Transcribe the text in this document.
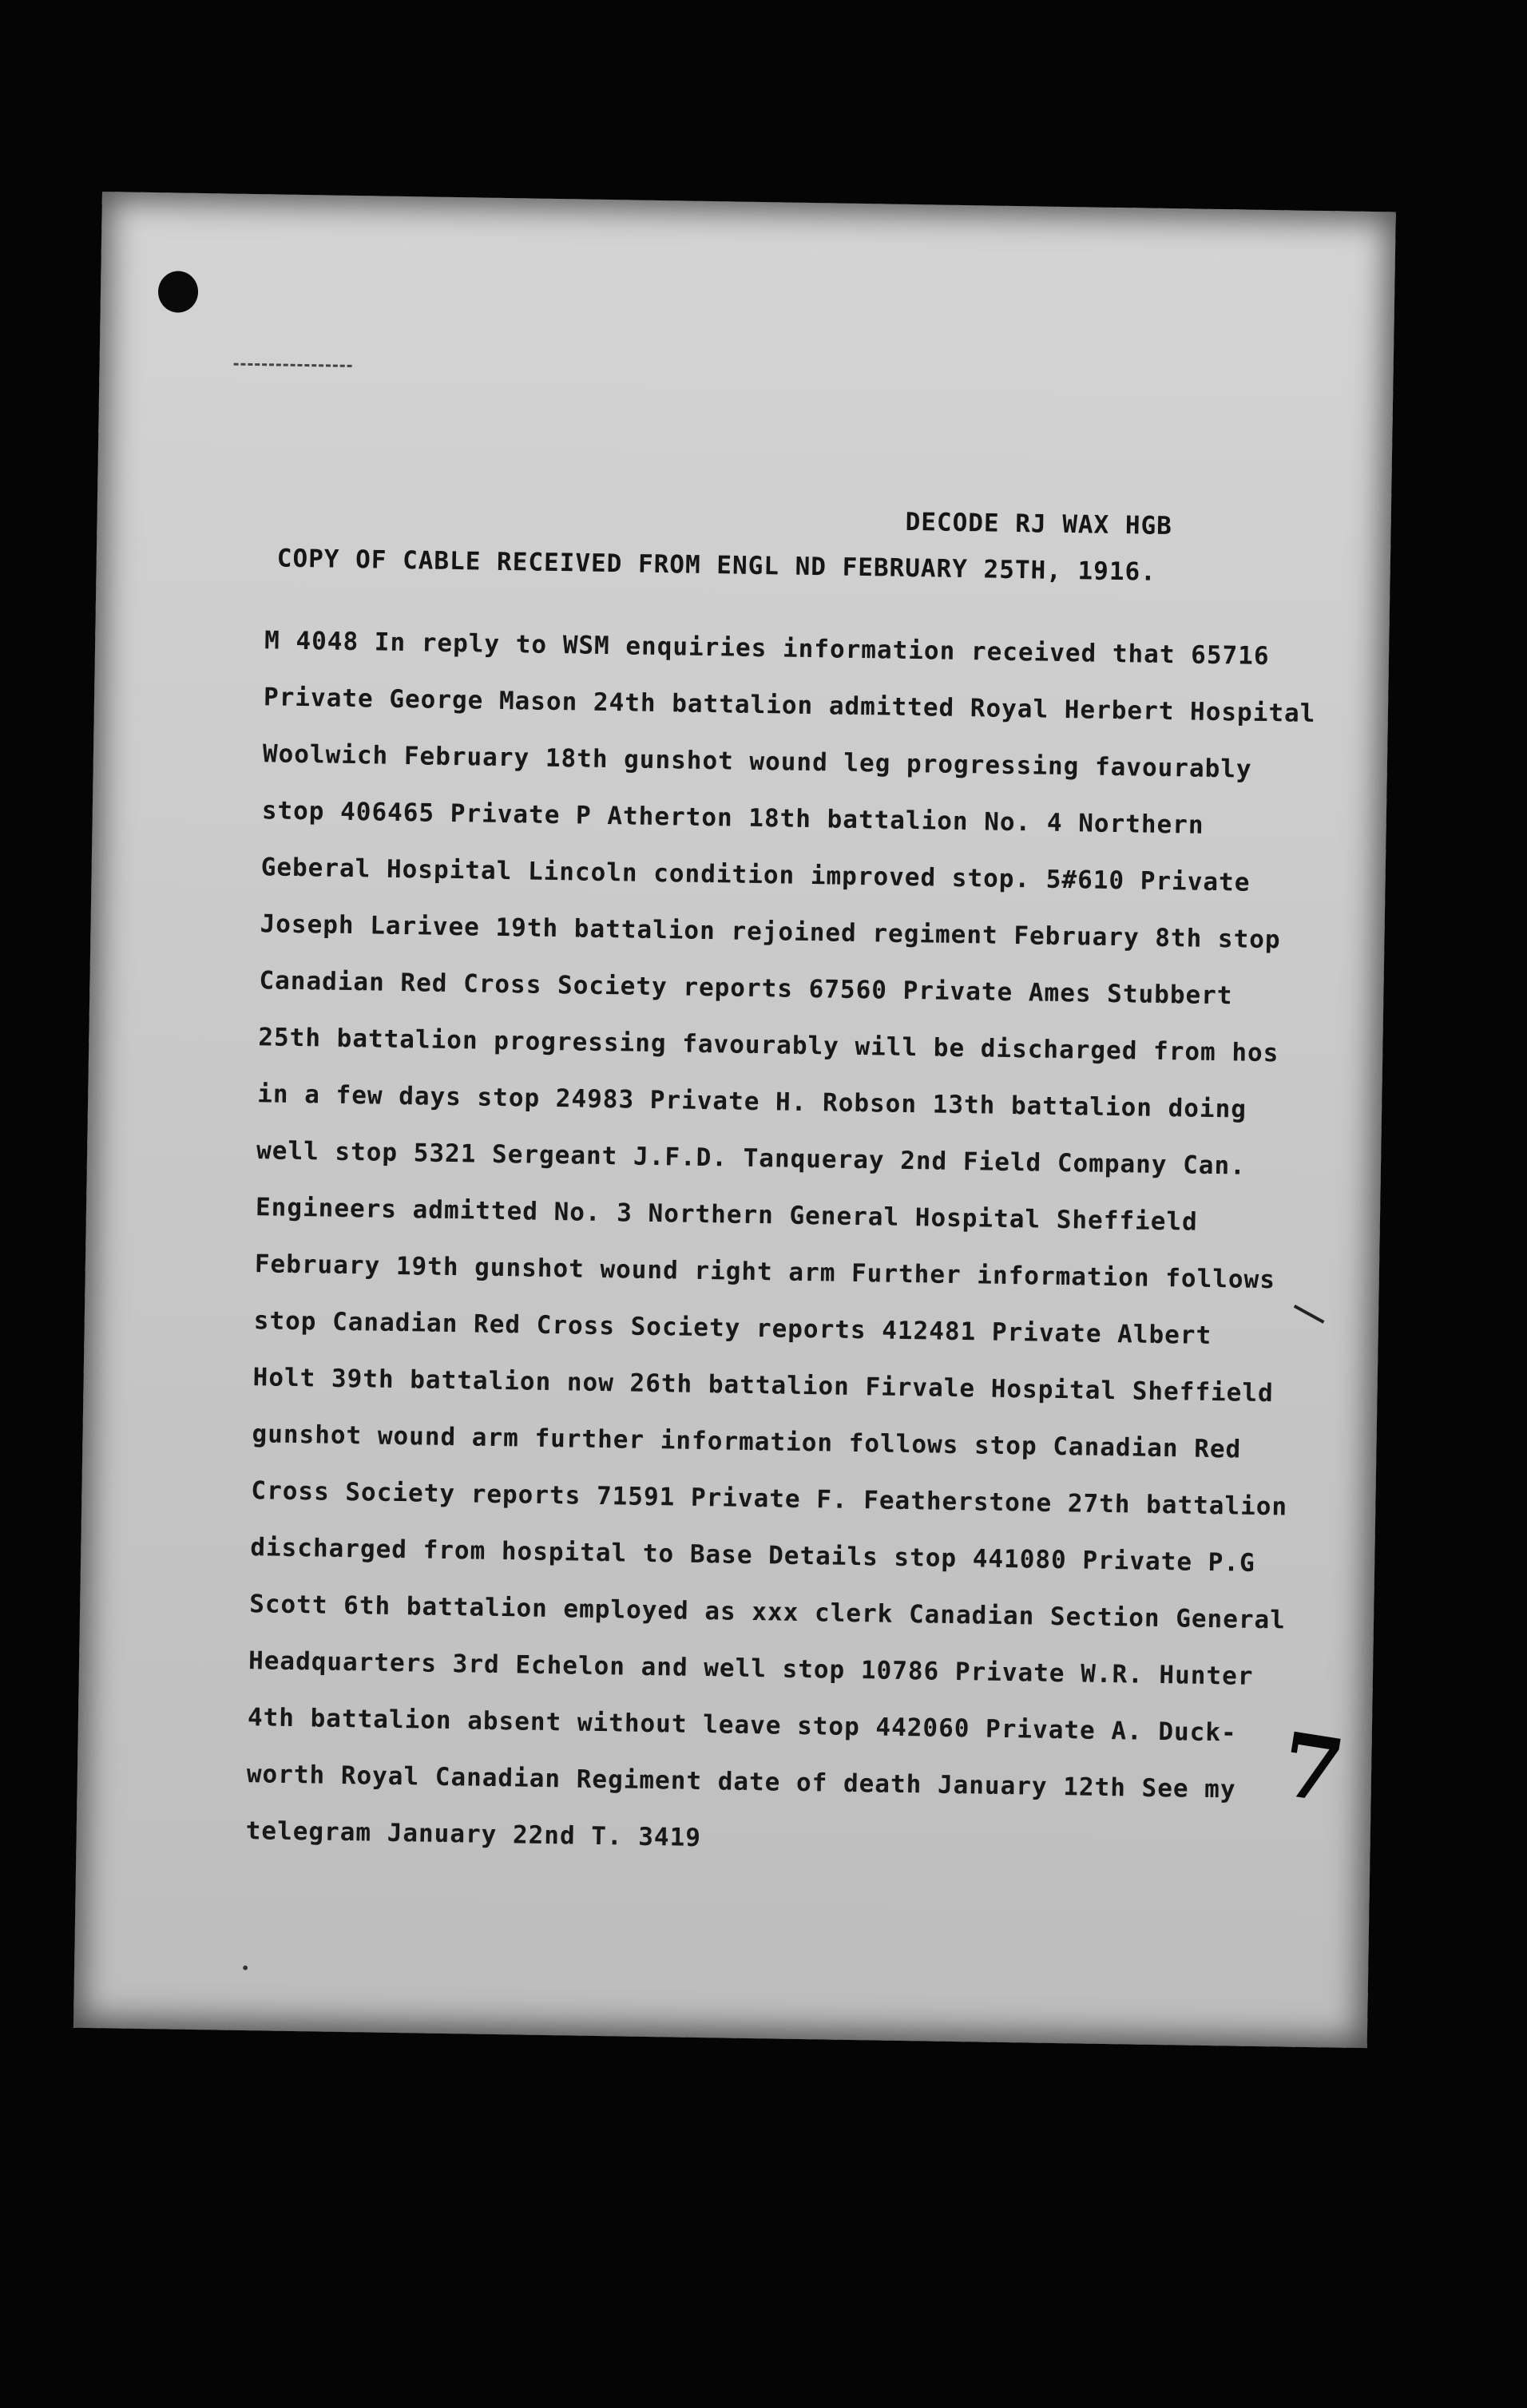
DECODE RJ WAX HGB
COPY OF CABLE RECEIVED FROM ENGL ND FEBRUARY 25TH, 1916.
M 4048 In reply to WSM enquiries information received that 65716
Private George Mason 24th battalion admitted Royal Herbert Hospital
Woolwich February 18th gunshot wound leg progressing favourably
stop 406465 Private P Atherton 18th battalion No. 4 Northern
Geberal Hospital Lincoln condition improved stop. 5#610 Private
Joseph Larivee 19th battalion rejoined regiment February 8th stop
Canadian Red Cross Society reports 67560 Private Ames Stubbert
25th battalion progressing favourably will be discharged from hos
in a few days stop 24983 Private H. Robson 13th battalion doing
well stop 5321 Sergeant J.F.D. Tanqueray 2nd Field Company Can.
Engineers admitted No. 3 Northern General Hospital Sheffield
February 19th gunshot wound right arm Further information follows
stop Canadian Red Cross Society reports 412481 Private Albert
Holt 39th battalion now 26th battalion Firvale Hospital Sheffield
gunshot wound arm further information follows stop Canadian Red
Cross Society reports 71591 Private F. Featherstone 27th battalion
discharged from hospital to Base Details stop 441080 Private P.G
Scott 6th battalion employed as xxx clerk Canadian Section General
Headquarters 3rd Echelon and well stop 10786 Private W.R. Hunter
4th battalion absent without leave stop 442060 Private A. Duck-
worth Royal Canadian Regiment date of death January 12th See my
telegram January 22nd T. 3419
7
•
